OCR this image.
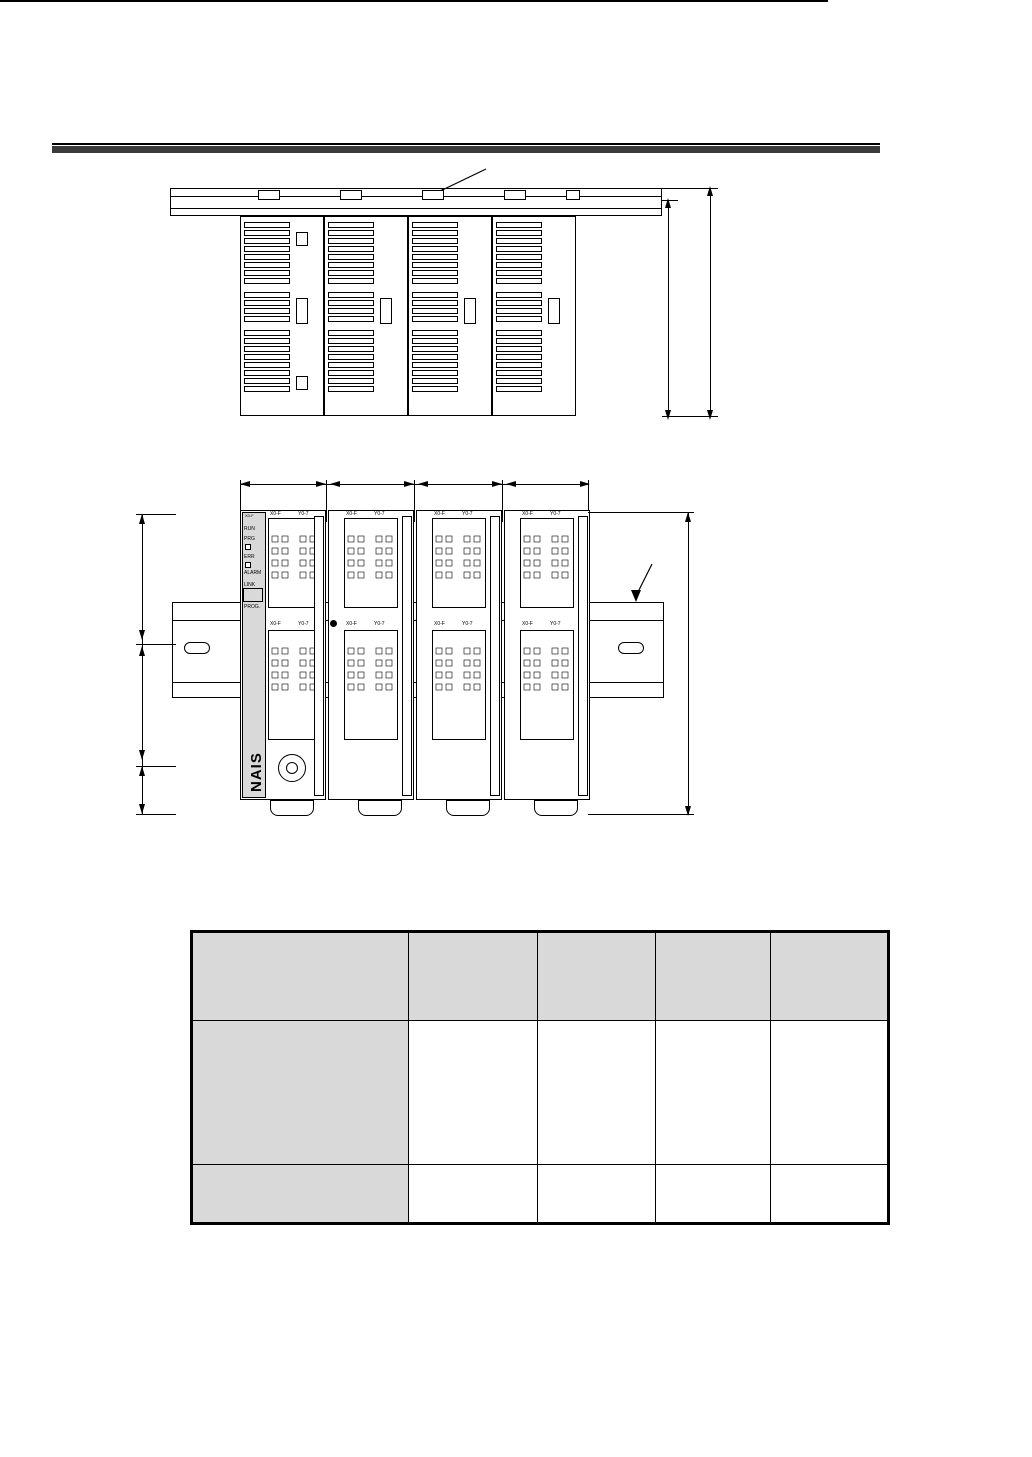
X0-F
RUN
PRG
ERR
ALARM
LINK
PROG.
NAIS
X0-F	Y0-7
X0-F	Y0-7
X0-F	Y0-7
X0-F	Y0-7
X0-F	Y0-7
X0-F	Y0-7
X0-F	Y0-7
X0-F	Y0-7
